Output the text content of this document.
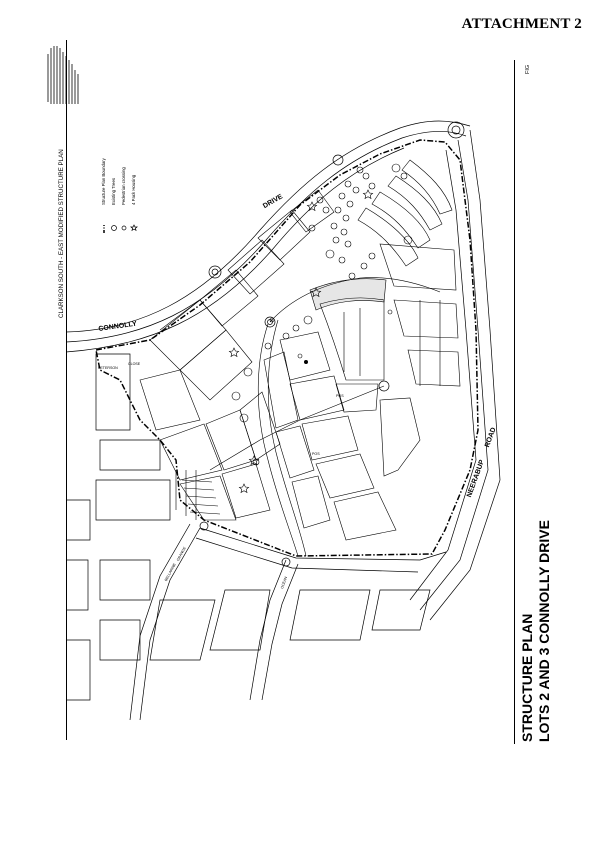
ATTACHMENT 2
CLARKSON SOUTH - EAST MODIFIED STRUCTURE PLAN
FIG
Structure Plan Boundary Existing Trees Pedestrian crossing 4 Pack Housing	DRIVE
CONNOLLY
NEERABUP
ROAD
PETERSON
CLOSE
BELLARINE
GRANGE
OCEAN
POS
POS
STRUCTURE PLAN LOTS 2 AND 3 CONNOLLY DRIVE
